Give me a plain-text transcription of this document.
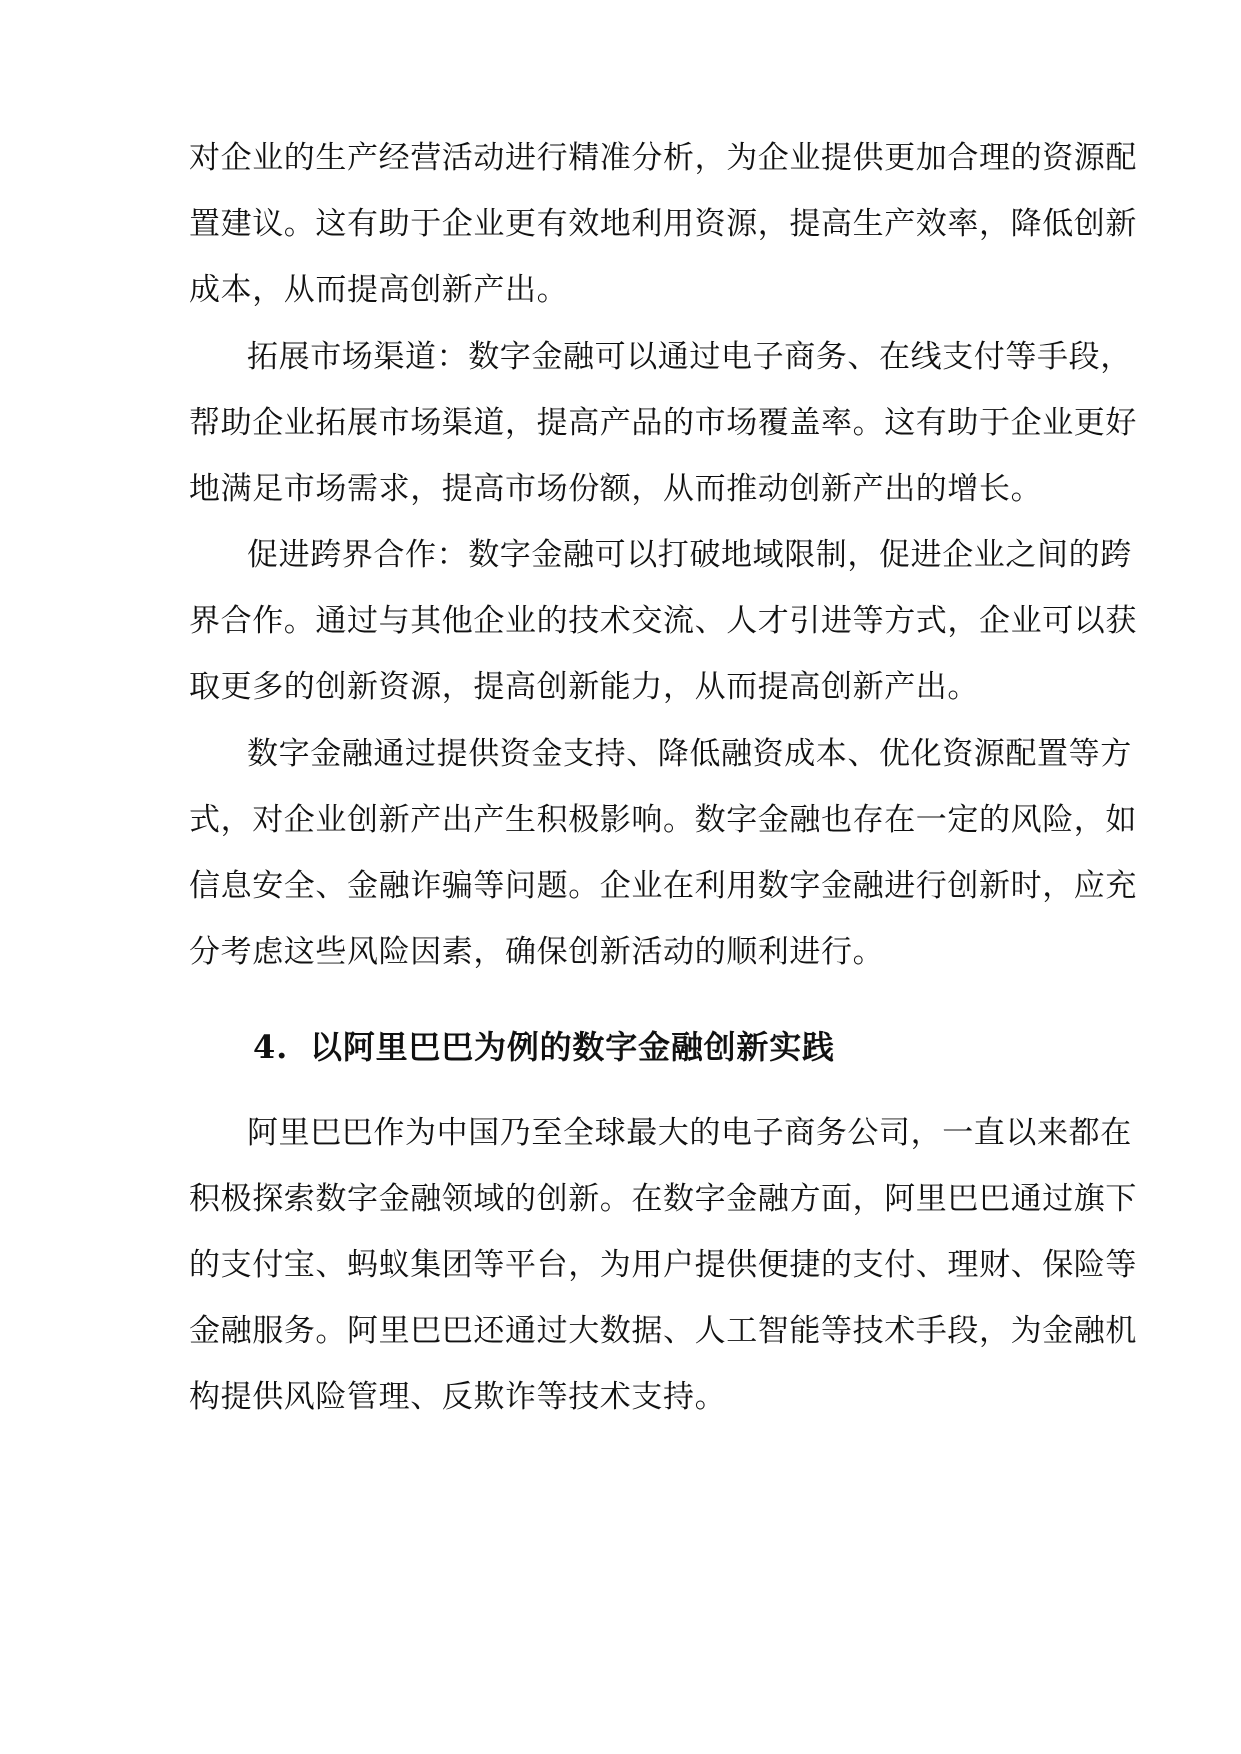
对企业的生产经营活动进行精准分析，为企业提供更加合理的资源配
置建议。这有助于企业更有效地利用资源，提高生产效率，降低创新
成本，从而提高创新产出。
拓展市场渠道：数字金融可以通过电子商务、在线支付等手段，
帮助企业拓展市场渠道，提高产品的市场覆盖率。这有助于企业更好
地满足市场需求，提高市场份额，从而推动创新产出的增长。
促进跨界合作：数字金融可以打破地域限制，促进企业之间的跨
界合作。通过与其他企业的技术交流、人才引进等方式，企业可以获
取更多的创新资源，提高创新能力，从而提高创新产出。
数字金融通过提供资金支持、降低融资成本、优化资源配置等方
式，对企业创新产出产生积极影响。数字金融也存在一定的风险，如
信息安全、金融诈骗等问题。企业在利用数字金融进行创新时，应充
分考虑这些风险因素，确保创新活动的顺利进行。
4. 以阿里巴巴为例的数字金融创新实践
阿里巴巴作为中国乃至全球最大的电子商务公司，一直以来都在
积极探索数字金融领域的创新。在数字金融方面，阿里巴巴通过旗下
的支付宝、蚂蚁集团等平台，为用户提供便捷的支付、理财、保险等
金融服务。阿里巴巴还通过大数据、人工智能等技术手段，为金融机
构提供风险管理、反欺诈等技术支持。
